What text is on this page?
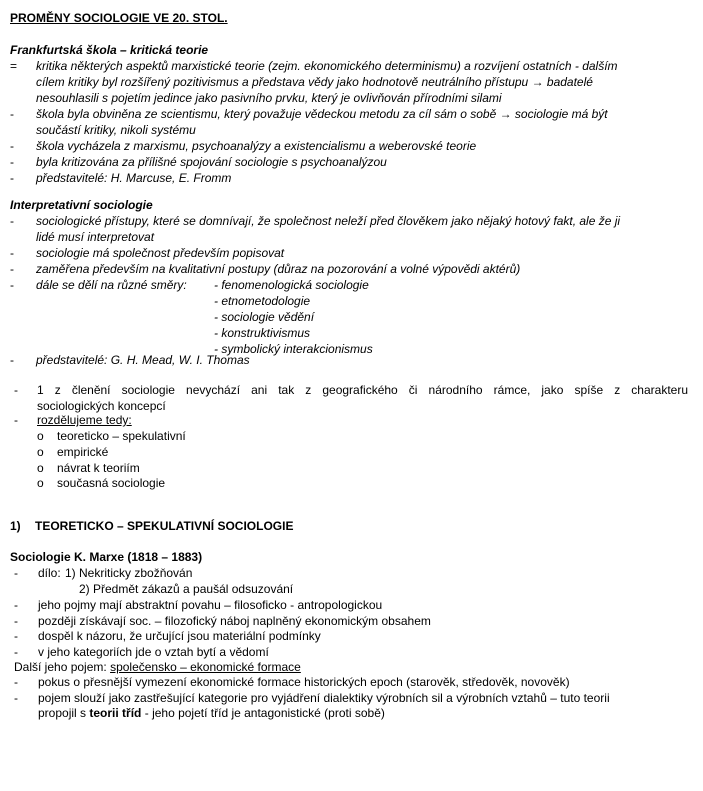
PROMĚNY SOCIOLOGIE VE 20. STOL.
Frankfurtská škola – kritická teorie
= kritika některých aspektů marxistické teorie (zejm. ekonomického determinismu) a rozvíjení ostatních - dalším
cílem kritiky byl rozšířený pozitivismus a představa vědy jako hodnotově neutrálního přístupu → badatelé
nesouhlasili s pojetím jedince jako pasivního prvku, který je ovlivňován přírodními silami
- škola byla obviněna ze scientismu, který považuje vědeckou metodu za cíl sám o sobě → sociologie má být
součástí kritiky, nikoli systému
- škola vycházela z marxismu, psychoanalýzy a existencialismu a weberovské teorie
- byla kritizována za přílišné spojování sociologie s psychoanalýzou
- představitelé: H. Marcuse, E. Fromm
Interpretativní sociologie
- sociologické přístupy, které se domnívají, že společnost neleží před člověkem jako nějaký hotový fakt, ale že ji
lidé musí interpretovat
- sociologie má společnost především popisovat
- zaměřena především na kvalitativní postupy (důraz na pozorování a volné výpovědi aktérů)
- dále se dělí na různé směry: - fenomenologická sociologie
- etnometodologie
- sociologie vědění
- konstruktivismus
- symbolický interakcionismus
- představitelé: G. H. Mead, W. I. Thomas
- 1 z členění sociologie nevychází ani tak z geografického či národního rámce, jako spíše z charakteru
sociologických koncepcí
- rozdělujeme tedy:
o teoreticko – spekulativní
o empirické
o návrat k teoriím
o současná sociologie
1) TEORETICKO – SPEKULATIVNÍ SOCIOLOGIE
Sociologie K. Marxe (1818 – 1883)
- dílo: 1) Nekriticky zbožňován
2) Předmět zákazů a paušál odsuzování
- jeho pojmy mají abstraktní povahu – filosoficko - antropologickou
- později získávají soc. – filozofický náboj naplněný ekonomickým obsahem
- dospěl k názoru, že určující jsou materiální podmínky
- v jeho kategoriích jde o vztah bytí a vědomí
Další jeho pojem: společensko – ekonomické formace
- pokus o přesnější vymezení ekonomické formace historických epoch (starověk, středověk, novověk)
- pojem slouží jako zastřešující kategorie pro vyjádření dialektiky výrobních sil a výrobních vztahů – tuto teorii
propojil s teorii tříd - jeho pojetí tříd je antagonistické (proti sobě)
